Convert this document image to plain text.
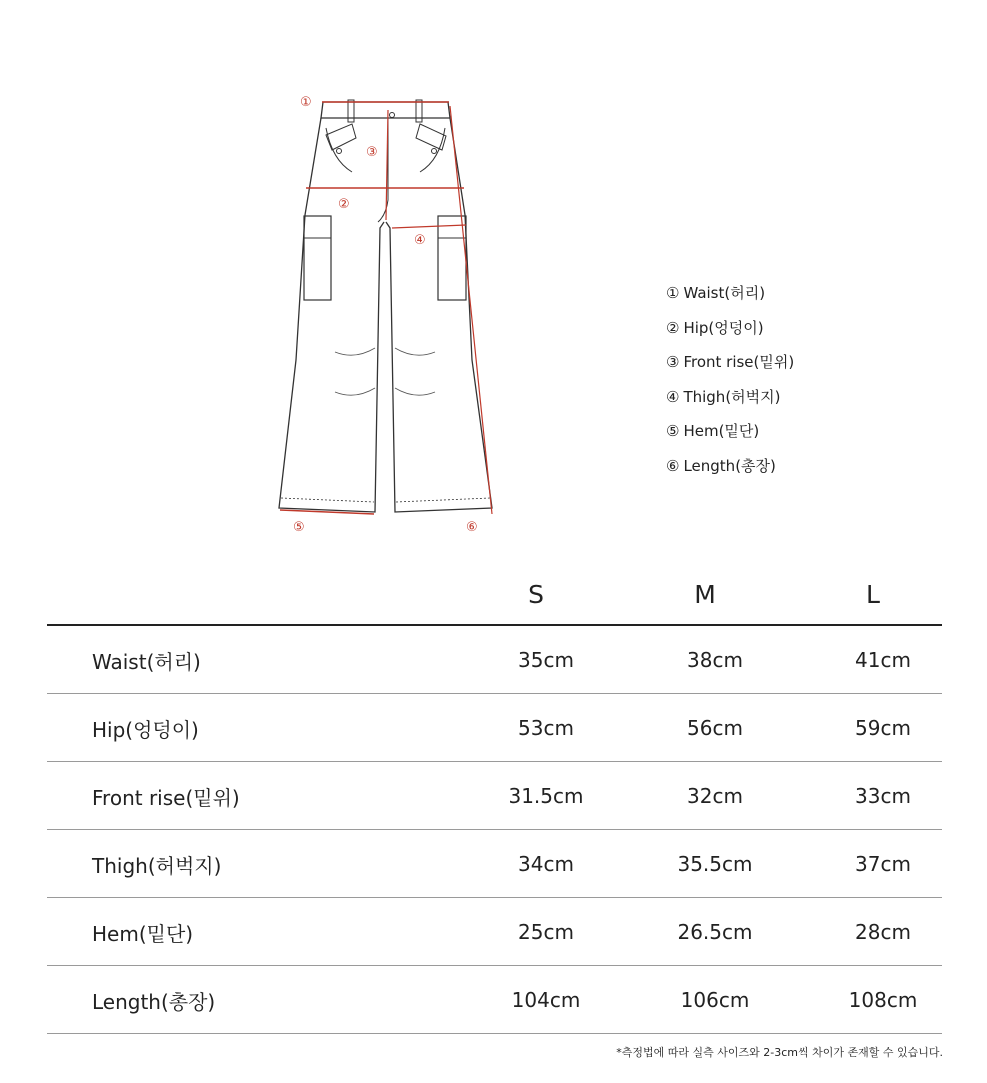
①
②
③
④
⑤	⑥
① Waist(허리)
② Hip(엉덩이)
③ Front rise(밑위)
④ Thigh(허벅지)
⑤ Hem(밑단)
⑥ Length(총장)
S	M	L
Waist(허리)	35cm	38cm	41cm
Hip(엉덩이)	53cm	56cm	59cm
Front rise(밑위)	31.5cm	32cm	33cm
Thigh(허벅지)	34cm	35.5cm	37cm
Hem(밑단)	25cm	26.5cm	28cm
Length(총장)	104cm	106cm	108cm
*측정법에 따라 실측 사이즈와 2-3cm씩 차이가 존재할 수 있습니다.
